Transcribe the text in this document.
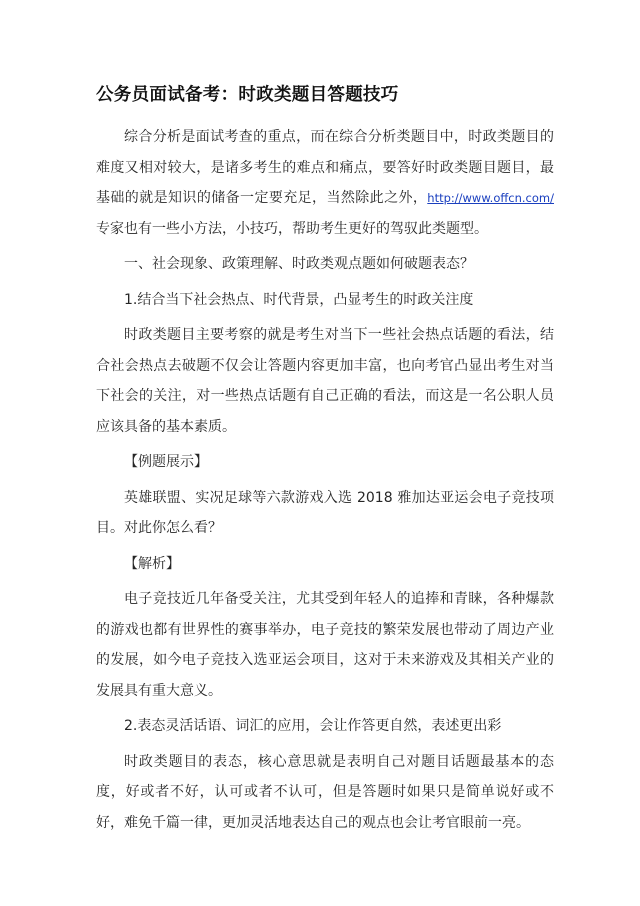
公务员面试备考：时政类题目答题技巧

综合分析是面试考查的重点，而在综合分析类题目中，时政类题目的难度又相对较大，是诸多考生的难点和痛点，要答好时政类题目题目，最基础的就是知识的储备一定要充足，当然除此之外，http://www.offcn.com/专家也有一些小方法，小技巧，帮助考生更好的驾驭此类题型。

一、社会现象、政策理解、时政类观点题如何破题表态？

1.结合当下社会热点、时代背景，凸显考生的时政关注度

时政类题目主要考察的就是考生对当下一些社会热点话题的看法，结合社会热点去破题不仅会让答题内容更加丰富，也向考官凸显出考生对当下社会的关注，对一些热点话题有自己正确的看法，而这是一名公职人员应该具备的基本素质。

【例题展示】

英雄联盟、实况足球等六款游戏入选 2018 雅加达亚运会电子竞技项目。对此你怎么看？

【解析】

电子竞技近几年备受关注，尤其受到年轻人的追捧和青睐，各种爆款的游戏也都有世界性的赛事举办，电子竞技的繁荣发展也带动了周边产业的发展，如今电子竞技入选亚运会项目，这对于未来游戏及其相关产业的发展具有重大意义。

2.表态灵活话语、词汇的应用，会让作答更自然，表述更出彩

时政类题目的表态，核心意思就是表明自己对题目话题最基本的态度，好或者不好，认可或者不认可，但是答题时如果只是简单说好或不好，难免千篇一律，更加灵活地表达自己的观点也会让考官眼前一亮。
